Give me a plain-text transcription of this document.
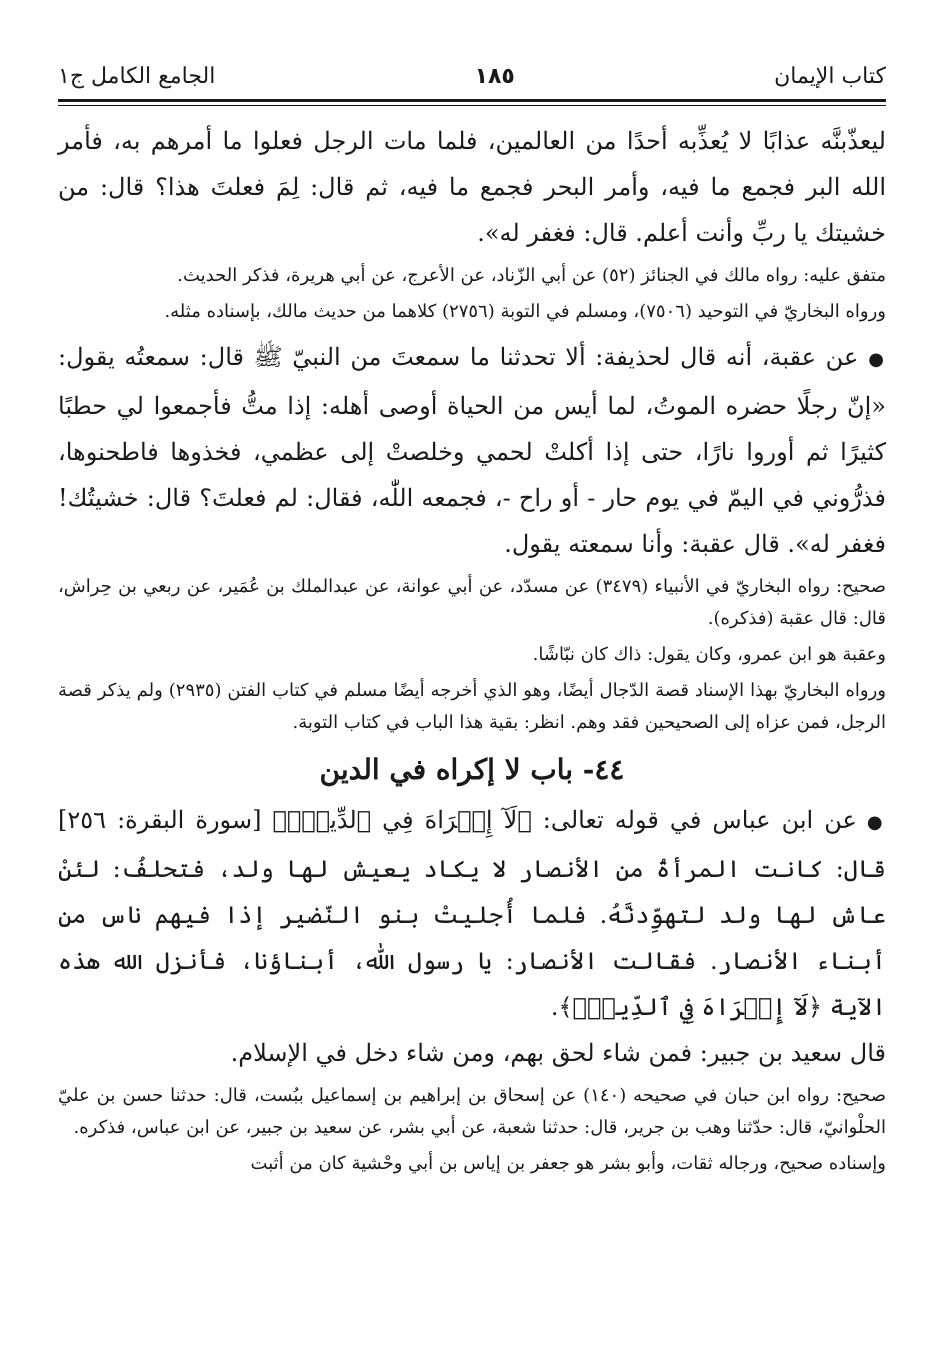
كتاب الإيمان
١٨٥
الجامع الكامل ج١

ليعذّبنَّه عذابًا لا يُعذِّبه أحدًا من العالمين، فلما مات الرجل فعلوا ما أمرهم به، فأمر الله البر فجمع ما فيه، وأمر البحر فجمع ما فيه، ثم قال: لِمَ فعلتَ هذا؟ قال: من خشيتك يا ربِّ وأنت أعلم. قال: فغفر له».

متفق عليه: رواه مالك في الجنائز (٥٢) عن أبي الزّناد، عن الأعرج، عن أبي هريرة، فذكر الحديث.

ورواه البخاريّ في التوحيد (٧٥٠٦)، ومسلم في التوبة (٢٧٥٦) كلاهما من حديث مالك، بإسناده مثله.

●عن عقبة، أنه قال لحذيفة: ألا تحدثنا ما سمعتَ من النبيّ ﷺ قال: سمعتُه يقول: «إنّ رجلًا حضره الموتُ، لما أيس من الحياة أوصى أهله: إذا متُّ فأجمعوا لي حطبًا كثيرًا ثم أوروا نارًا، حتى إذا أكلتْ لحمي وخلصتْ إلى عظمي، فخذوها فاطحنوها، فذرُّوني في اليمّ في يوم حار - أو راح -، فجمعه اللّٰه، فقال: لم فعلتَ؟ قال: خشيتُك! فغفر له». قال عقبة: وأنا سمعته يقول.

صحيح: رواه البخاريّ في الأنبياء (٣٤٧٩) عن مسدّد، عن أبي عوانة، عن عبدالملك بن عُمَير، عن ربعي بن حِراش، قال: قال عقبة (فذكره).

وعقبة هو ابن عمرو، وكان يقول: ذاك كان نبّاشًا.

ورواه البخاريّ بهذا الإسناد قصة الدّجال أيضًا، وهو الذي أخرجه أيضًا مسلم في كتاب الفتن (٢٩٣٥) ولم يذكر قصة الرجل، فمن عزاه إلى الصحيحين فقد وهم. انظر: بقية هذا الباب في كتاب التوبة.

٤٤- باب لا إكراه في الدين

●عن ابن عباس في قوله تعالى: ﴿لَآ إِكۡرَاهَ فِي ٱلدِّينِۖ﴾ [سورة البقرة: ٢٥٦] قال: كانت المرأةُ من الأنصار لا يكاد يعيش لها ولد، فتحلفُ: لئنْ عاش لها ولد لتهوِّدنَّهُ. فلما أُجليتْ بنو النّضير إذا فيهم ناس من أبناء الأنصار. فقالت الأنصار: يا رسول اللّٰه، أبناؤنا، فأنزل الله هذه الآية ﴿لَآ إِكۡرَاهَ فِي ٱلدِّينِۖ﴾.

قال سعيد بن جبير: فمن شاء لحق بهم، ومن شاء دخل في الإسلام.

صحيح: رواه ابن حبان في صحيحه (١٤٠) عن إسحاق بن إبراهيم بن إسماعيل ببُست، قال: حدثنا حسن بن عليّ الحلْوانيّ، قال: حدّثنا وهب بن جرير، قال: حدثنا شعبة، عن أبي بشر، عن سعيد بن جبير، عن ابن عباس، فذكره.

وإسناده صحيح، ورجاله ثقات، وأبو بشر هو جعفر بن إياس بن أبي وحْشية كان من أثبت
